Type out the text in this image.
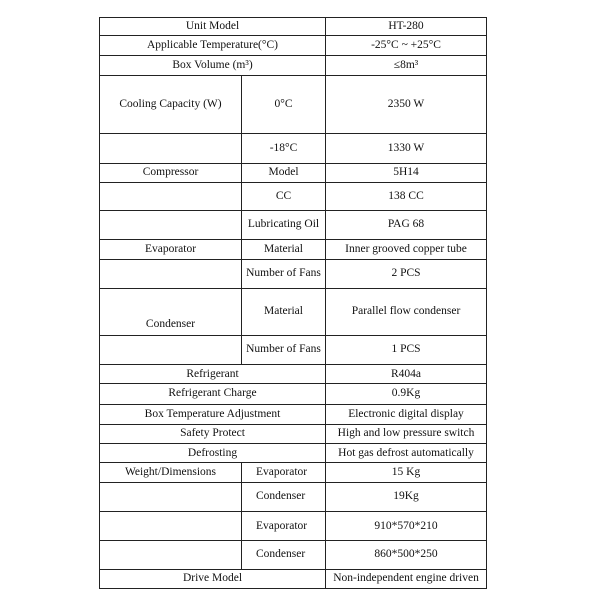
Unit Model		HT-280
Applicable Temperature(°C)		-25°C ~ +25°C
Box Volume (m³)		≤8m³
Cooling Capacity (W)	0°C	2350 W
	-18°C	1330 W
Compressor	Model	5H14
	CC	138 CC
	Lubricating Oil	PAG 68
Evaporator	Material	Inner grooved copper tube
	Number of Fans	2 PCS
Condenser	Material	Parallel flow condenser
	Number of Fans	1 PCS
Refrigerant		R404a
Refrigerant Charge		0.9Kg
Box Temperature Adjustment		Electronic digital display
Safety Protect		High and low pressure switch
Defrosting		Hot gas defrost automatically
Weight/Dimensions	Evaporator	15 Kg
	Condenser	19Kg
	Evaporator	910*570*210
	Condenser	860*500*250
Drive Model		Non-independent engine driven
